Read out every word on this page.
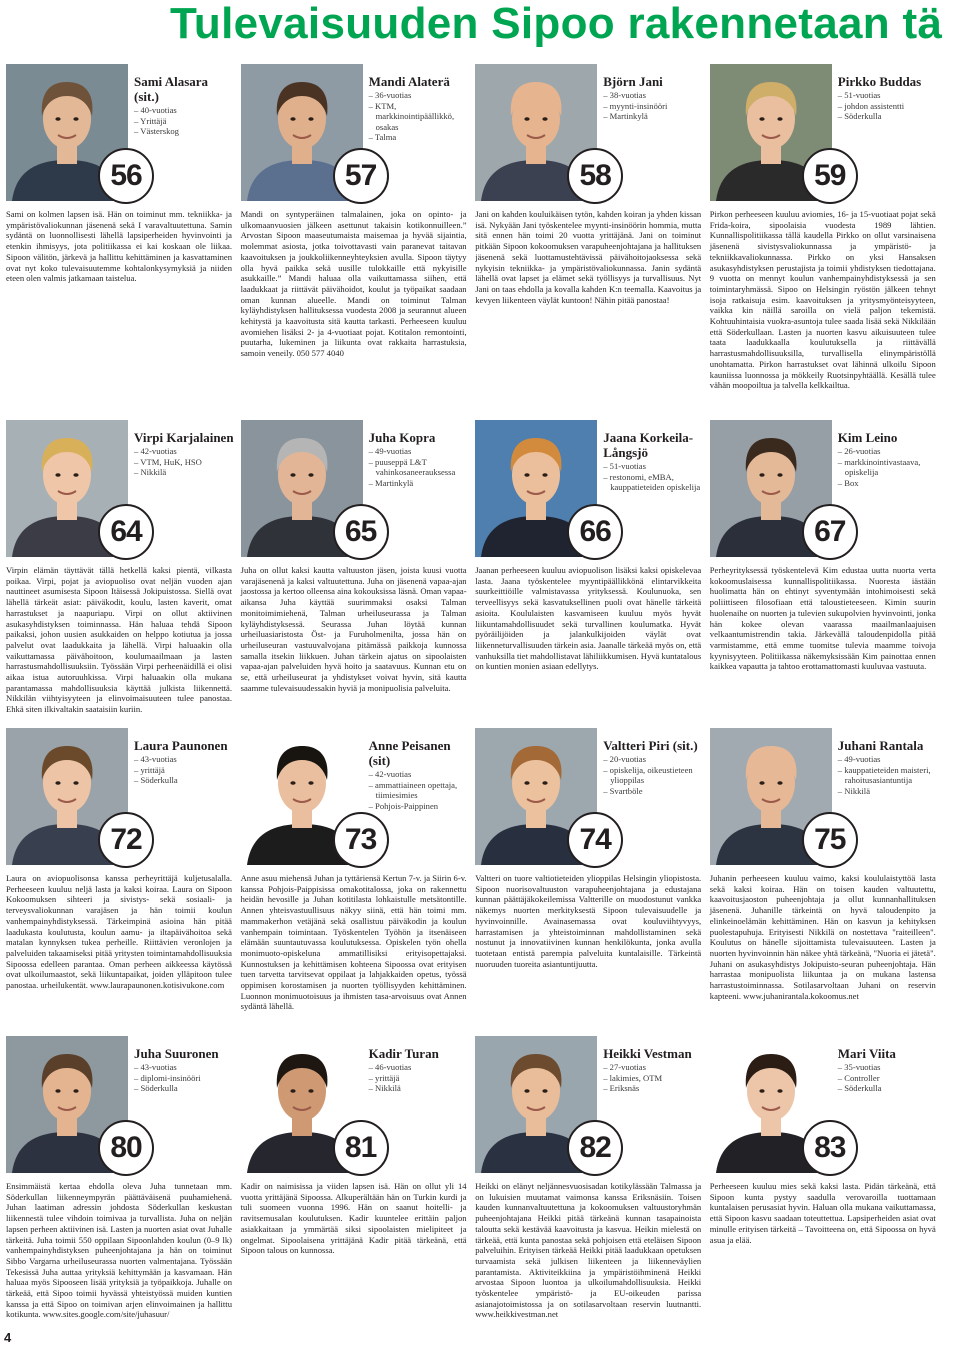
Tulevaisuuden Sipoo rakennetaan tä
56
Sami Alasara (sit.)
– 40-vuotias
– Yrittäjä
– Västerskog
Sami on kolmen lapsen isä. Hän on toiminut mm. tekniikka- ja ympäristövaliokunnan jäsenenä sekä I varavaltuutettuna. Samin sydäntä on luonnollisesti lähellä lapsiperheiden hyvinvointi ja etenkin ihmisyys, jota politiikassa ei kai koskaan ole liikaa. Sipoon välitön, järkevä ja hallittu kehittäminen ja kasvattaminen ovat nyt koko tulevaisuutemme kohtalonkysymyksiä ja niiden eteen olen valmis jatkamaan taistelua.
57
Mandi Alaterä
– 36-vuotias
– KTM, markkinointipäällikkö, osakas
– Talma
Mandi on syntyperäinen talmalainen, joka on opinto- ja ulkomaanvuosien jälkeen asettunut takaisin kotikonnuilleen.” Arvostan Sipoon maaseutumaista maisemaa ja hyvää sijaintia, molemmat asiosta, jotka toivottavasti vain paranevat taitavan kaavoituksen ja joukkoliikenneyhteyksien avulla. Sipoon täytyy olla hyvä paikka sekä uusille tulokkaille että nykyisille asukkaille.” Mandi haluaa olla vaikuttamassa siihen, että laadukkaat ja riittävät päivähoidot, koulut ja työpaikat saadaan oman kunnan alueelle. Mandi on toiminut Talman kyläyhdistyksen hallituksessa vuodesta 2008 ja seurannut alueen kehitystä ja kaavoitusta sitä kautta tarkasti. Perheeseen kuuluu avomiehen lisäksi 2- ja 4-vuotiaat pojat. Kotitalon remontointi, puutarha, lukeminen ja liikunta ovat rakkaita harrastuksia, samoin veneily. 050 577 4040
58
Björn Jani
– 38-vuotias
– myynti-insinööri
– Martinkylä
Jani on kahden kouluikäisen tytön, kahden koiran ja yhden kissan isä. Nykyään Jani työskentelee myynti-insinöörin hommia, mutta sitä ennen hän toimi 20 vuotta yrittäjänä. Jani on toiminut pitkään Sipoon kokoomuksen varapuheenjohtajana ja hallituksen jäsenenä sekä luottamustehtävissä päivähoitojaoksessa sekä nykyisin tekniikka- ja ympäristövaliokunnassa. Janin sydäntä lähellä ovat lapset ja elämet sekä työllisyys ja turvallisuus. Nyt Jani on taas ehdolla ja kovalla kahden K:n teemalla. Kaavoitus ja kevyen liikenteen väylät kuntoon! Nähin pitää panostaa!
59
Pirkko Buddas
– 51-vuotias
– johdon assistentti
– Söderkulla
Pirkon perheeseen kuuluu aviomies, 16- ja 15-vuotiaat pojat sekä Frida-koira, sipoolaisia vuodesta 1989 lähtien. Kunnallispolitiikassa tällä kaudella Pirkko on ollut varsinaisena jäsenenä sivistysvaliokunnassa ja ympäristö- ja tekniikkavaliokunnassa. Pirkko on yksi Hansaksen asukasyhdistyksen perustajista ja toimii yhdistyksen tiedottajana. 9 vuotta on mennyt koulun vanhempainyhdistyksessä ja sen toimintaryhmässä. Sipoo on Helsingin ryöstön jälkeen tehnyt isoja ratkaisuja esim. kaavoituksen ja yritysmyönteisyyteen, vaikka kin näillä saroilla on vielä paljon tekemistä. Kohtuuhintaisia vuokra-asuntoja tulee saada lisää sekä Nikkilään että Söderkullaan. Lasten ja nuorten kasvu aikuisuuteen tulee taata laadukkaalla koulutuksella ja riittävällä harrastusmahdollisuuksilla, turvallisella elinympäristöllä unohtamatta. Pirkon harrastukset ovat lähinnä ulkoilu Sipoon kauniissa luonnossa ja mökkeily Ruotsinpyhtäällä. Kesällä tulee vähän moopoiltua ja talvella kelkkailtua.
64
Virpi Karjalainen
– 42-vuotias
– VTM, HuK, HSO
– Nikkilä
Virpin elämän täyttävät tällä hetkellä kaksi pientä, vilkasta poikaa. Virpi, pojat ja aviopuoliso ovat neljän vuoden ajan nauttineet asumisesta Sipoon Itäisessä Jokipuistossa. Siellä ovat lähellä tärkeät asiat: päiväkodit, koulu, lasten kaverit, omat harrastukset ja naapuriapu. Virpi on ollut aktiivinen asukasyhdistyksen toiminnassa. Hän haluaa tehdä Sipoon paikaksi, johon uusien asukkaiden on helppo kotiutua ja jossa palvelut ovat laadukkaita ja lähellä. Virpi haluaakin olla vaikuttamassa päivähoitoon, koulumaailmaan ja lasten harrastusmahdollisuuksiin. Työssään Virpi perheenäidillä ei olisi aikaa istua autoruuhkissa. Virpi haluaakin olla mukana parantamassa mahdollisuuksia käyttää julkista liikennettä. Nikkilän viihtyisyyteen ja elinvoimaisuuteen tulee panostaa. Ehkä siten ilkivaltakin saataisiin kuriin.
65
Juha Kopra
– 49-vuotias
– puuseppä L&T vahinkosaneerauksessa
– Martinkylä
Juha on ollut kaksi kautta valtuuston jäsen, joista kuusi vuotta varajäsenenä ja kaksi valtuutettuna. Juha on jäsenenä vapaa-ajan jaostossa ja kertoo olleensa aina kokouksissa läsnä. Oman vapaa-aikansa Juha käyttää suurimmaksi osaksi Talman monitoimimiehenä, Talman urheiluseurassa ja Talman kyläyhdistyksessä. Seurassa Juhan löytää kunnan urheiluasiaristosta Öst- ja Furuholmenilta, jossa hän on urheiluseuran vastuuvalvojana pitämässä paikkoja kunnossa samalla itsekin liikkuen. Juhan tärkein ajatus on sipoolaisten vapaa-ajan palveluiden hyvä hoito ja saatavuus. Kunnan etu on se, että urheiluseurat ja yhdistykset voivat hyvin, sitä kautta saamme tulevaisuudessakin hyviä ja monipuolisia palveluita.
66
Jaana Korkeila-Långsjö
– 51-vuotias
– restonomi, eMBA, kauppatieteiden opiskelija
Jaanan perheeseen kuuluu aviopuolison lisäksi kaksi opiskelevaa lasta. Jaana työskentelee myyntipäällikkönä elintarvikkeita suurkeittiöille valmistavassa yrityksessä. Koulunuoka, sen terveellisyys sekä kasvatuksellinen puoli ovat hänelle tärkeitä asioita. Koululaisten kasvamiseen kuuluu myös hyvät liikuntamahdollisuudet sekä turvallinen koulumatka. Hyvät pyöräilijöiden ja jalankulkijoiden väylät ovat liikenneturvallisuuden tärkein asia. Jaanalle tärkeää myös on, että vanhuksilla tiet mahdollistavat lähiliikkumisen. Hyvä kuntatalous on kuntien monien asiaan edellytys.
67
Kim Leino
– 26-vuotias
– markkinointivastaava, opiskelija
– Box
Perheyrityksessä työskentelevä Kim edustaa uutta nuorta verta kokoomuslaisessa kunnallispolitiikassa. Nuoresta iästään huolimatta hän on ehtinyt syventymään intohimoisesti sekä poliittiseen filosofiaan että taloustieteeseen. Kimin suurin huolenaihe on nuorten ja tulevien sukupolvien hyvinvointi, jonka hän kokee olevan vaarassa maailmanlaajuisen velkaantumistrendin takia. Järkevällä taloudenpidolla pitää varmistamme, että emme tuomitse tulevia maamme toivoja kyynisyyteen. Politiikassa näkemyksissään Kim painottaa ennen kaikkea vapautta ja tahtoo erottamattomasti kuuluvaa vastuuta.
72
Laura Paunonen
– 43-vuotias
– yrittäjä
– Söderkulla
Laura on aviopuolisonsa kanssa perheyrittäjä kuljetusalalla. Perheeseen kuuluu neljä lasta ja kaksi koiraa. Laura on Sipoon Kokoomuksen sihteeri ja sivistys- sekä sosiaali- ja terveysvaliokunnan varajäsen ja hän toimii koulun vanhempainyhdistyksessä. Tärkeimpinä asioina hän pitää laadukasta koulutusta, koulun aamu- ja iltapäivähoitoa sekä matalan kynnyksen tukea perheille. Riittävien veronlojen ja palveluiden takaamiseksi pitää yritysten toimintamahdollisuuksia Sipoossa edelleen parantaa. Oman perheen aikkeessa käytössä ovat ulkoilumaastot, sekä liikuntapaikat, joiden ylläpitoon tulee panostaa. urheilukentät. www.laurapaunonen.kotisivukone.com
73
Anne Peisanen (sit)
– 42-vuotias
– ammattiaineen opettaja, tiimiesimies
– Pohjois-Paippinen
Anne asuu miehensä Juhan ja tyttäriensä Kertun 7-v. ja Siirin 6-v. kanssa Pohjois-Paippisissa omakotitalossa, joka on rakennettu heidän hevosille ja Juhan kotitilasta lohkaistulle metsätontille. Annen yhteisvastuullisuus näkyy siinä, että hän toimi mm. mammakerhon vetäjänä sekä osallistuu päiväkodin ja koulun vanhempain toimintaan. Työskentelen Työhön ja itsenäiseen elämään suuntautuvassa koulutuksessa. Opiskelen työn ohella monimuoto-opiskeluna ammatillisiksi erityisopettajaksi. Kunnostuksen ja kehittämisen kohteena Sipoossa ovat erityisen tuen tarvetta tarvitsevat oppilaat ja lahjakkaiden opetus, työssä oppimisen korostamisen ja nuorten työllisyyden kehittäminen. Luonnon monimuotoisuus ja ihmisten tasa-arvoisuus ovat Annen sydäntä lähellä.
74
Valtteri Piri (sit.)
– 20-vuotias
– opiskelija, oikeustieteen ylioppilas
– Svartböle
Valtteri on tuore valtiotieteiden ylioppilas Helsingin yliopistosta. Sipoon nuorisovaltuuston varapuheenjohtajana ja edustajana kunnan päättäjäkokeilemissa Valtterille on muodostunut vankka näkemys nuorten merkityksestä Sipoon tulevaisuudelle ja hyvinvoinnille. Avainasemassa ovat kouluviihtyvyys, harrastamisen ja yhteistoiminnan mahdollistaminen sekä nostunut ja innovatiivinen kunnan henkilökunta, jonka avulla tuotetaan entistä parempia palveluita kuntalaisille. Tärkeintä nuoruuden tuoreita asiantuntijuutta.
75
Juhani Rantala
– 49-vuotias
– kauppatieteiden maisteri, rahoitusasiantuntija
– Nikkilä
Juhanin perheeseen kuuluu vaimo, kaksi koululaistyttöä lasta sekä kaksi koiraa. Hän on toisen kauden valtuutettu, kaavoitusjaoston puheenjohtaja ja ollut kunnanhallituksen jäsenenä. Juhanille tärkeintä on hyvä taloudenpito ja elinkeinoelämän kehittäminen. Hän on kasvun ja kehityksen puolestapuhuja. Erityisesti Nikkilä on nostettava "raiteilleen". Koulutus on hänelle sijoittamista tulevaisuuteen. Lasten ja nuorten hyvinvoinnin hän näkee yhtä tärkeänä, "Nuoria ei jätetä". Juhani on asukasyhdistys Jokipuisto-seuran puheenjohtaja. Hän harrastaa monipuolista liikuntaa ja on mukana lastensa harrastustoiminnassa. Sotilasarvoltaan Juhani on reservin kapteeni. www.juhanirantala.kokoomus.net
80
Juha Suuronen
– 43-vuotias
– diplomi-insinööri
– Söderkulla
Ensimmäistä kertaa ehdolla oleva Juha tunnetaan mm. Söderkullan liikenneympyrän päättäväisenä puuhamiehenä. Juhan laatiman adressin johdosta Söderkullan keskustan liikennestä tulee vihdoin toimivaa ja turvallista. Juha on neljän lapsen perheen aktiivinen isä. Lasten ja nuorten asiat ovat Juhalle tärkeitä. Juha toimii 550 oppilaan Sipoonlahden koulun (0–9 lk) vanhempainyhdistyksen puheenjohtajana ja hän on toiminut Sibbo Vargarna urheiluseurassa nuorten valmentajana. Työssään Tekesissä Juha auttaa yrityksiä kehittymään ja kasvamaan. Hän haluaa myös Sipooseen lisää yrityksiä ja työpaikkoja. Juhalle on tärkeää, että Sipoo toimii hyvässä yhteistyössä muiden kuntien kanssa ja että Sipoo on toimivan arjen elinvoimainen ja hallittu kotikunta. www.sites.google.com/site/juhasuur/
81
Kadir Turan
– 46-vuotias
– yrittäjä
– Nikkilä
Kadir on naimisissa ja viiden lapsen isä. Hän on ollut yli 14 vuotta yrittäjänä Sipoossa. Alkuperältään hän on Turkin kurdi ja tuli suomeen vuonna 1996. Hän on saanut hoitelli- ja ravitsemusalan koulutuksen. Kadir kuuntelee erittäin paljon asiakkaitaan ja ymmärtää siksi sipoolaisten mielipiteet ja ongelmat. Sipoolaisena yrittäjänä Kadir pitää tärkeänä, että Sipoon talous on kunnossa.
82
Heikki Vestman
– 27-vuotias
– lakimies, OTM
– Eriksnäs
Heikki on elänyt neljännesvuosisadan kotikylässään Talmassa ja on lukuisien muutamat vaimonsa kanssa Eriksnäsiin. Toisen kauden kunnanvaltuutettuna ja kokoomuksen valtuustoryhmän puheenjohtajana Heikki pitää tärkeänä kunnan tasapainoista taloutta sekä kestävää kaavoitusta ja kasvua. Heikin mielestä on tärkeää, että kunta panostaa sekä pohjoisen että eteläisen Sipoon palveluihin. Erityisen tärkeää Heikki pitää laadukkaan opetuksen turvaamista sekä julkisen liikenteen ja liikenneväylien parantamista. Aktiviteikkiina ja ympäristöihminenä Heikki arvostaa Sipoon luontoa ja ulkoilumahdollisuuksia. Heikki työskentelee ympäristö- ja EU-oikeuden parissa asianajotoimistossa ja on sotilasarvoltaan reservin luutnantti. www.heikkivestman.net
83
Mari Viita
– 35-vuotias
– Controller
– Söderkulla
Perheeseen kuuluu mies sekä kaksi lasta. Pidän tärkeänä, että Sipoon kunta pystyy saadulla verovaroilla tuottamaan kuntalaisen perusasiat hyvin. Haluan olla mukana vaikuttamassa, että Sipoon kasvu saadaan toteuttettua. Lapsiperheiden asiat ovat minulle erityisen tärkeitä – Tavoitteena on, että Sipoossa on hyvä asua ja elää.
4
